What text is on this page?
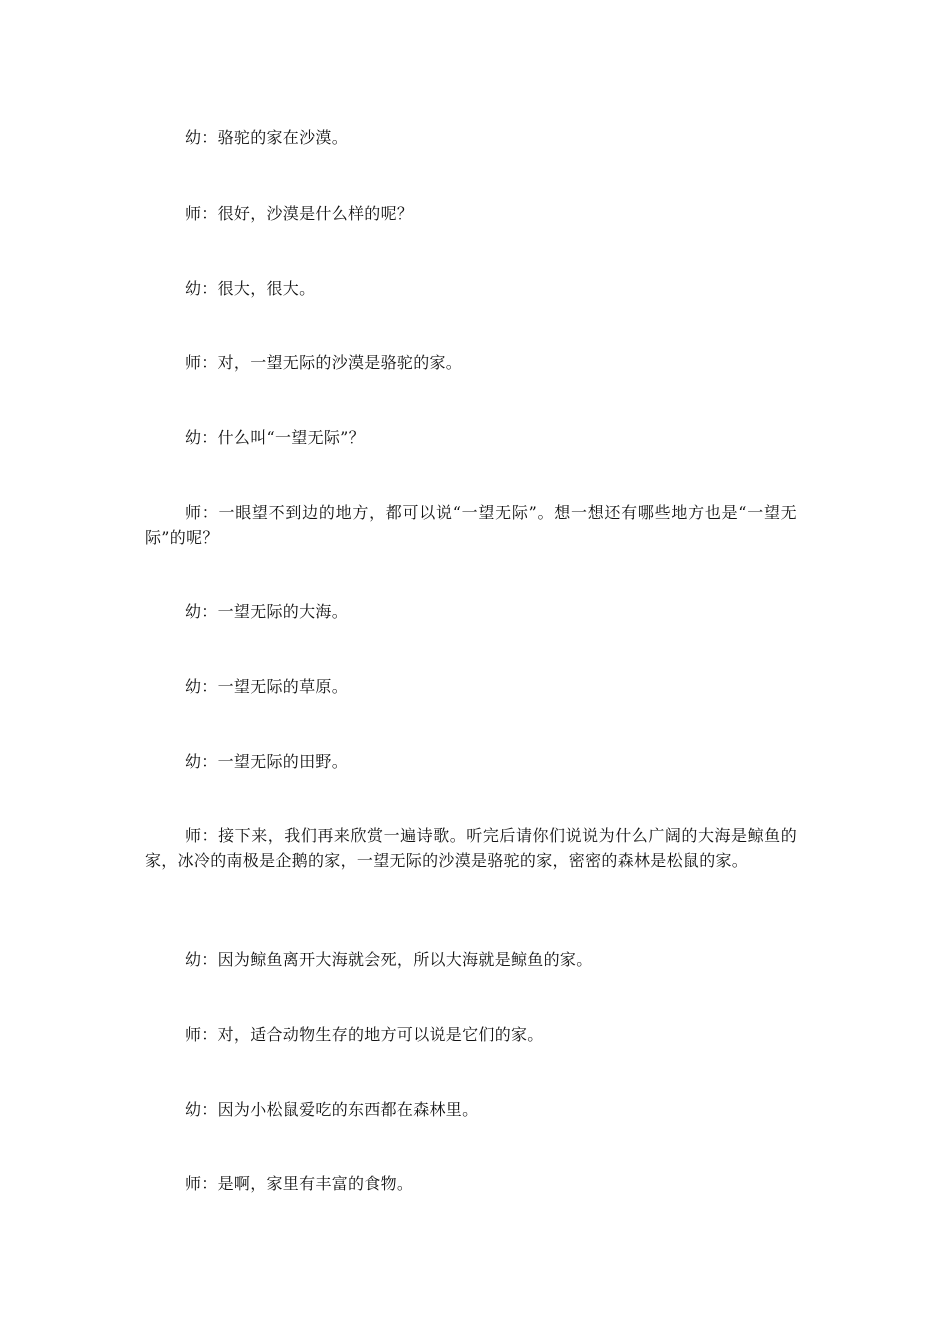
幼：骆驼的家在沙漠。

师：很好，沙漠是什么样的呢？

幼：很大，很大。

师：对，一望无际的沙漠是骆驼的家。

幼：什么叫“一望无际”？

师：一眼望不到边的地方，都可以说“一望无际”。想一想还有哪些地方也是“一望无际”的呢？

幼：一望无际的大海。

幼：一望无际的草原。

幼：一望无际的田野。

师：接下来，我们再来欣赏一遍诗歌。听完后请你们说说为什么广阔的大海是鲸鱼的家，冰冷的南极是企鹅的家，一望无际的沙漠是骆驼的家，密密的森林是松鼠的家。

幼：因为鲸鱼离开大海就会死，所以大海就是鲸鱼的家。

师：对，适合动物生存的地方可以说是它们的家。

幼：因为小松鼠爱吃的东西都在森林里。

师：是啊，家里有丰富的食物。
